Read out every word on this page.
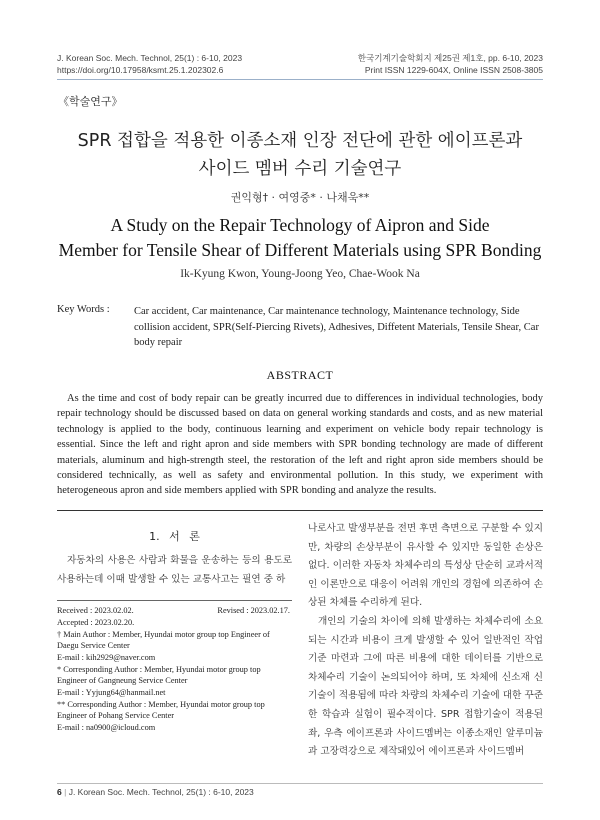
J. Korean Soc. Mech. Technol, 25(1) : 6-10, 2023
https://doi.org/10.17958/ksmt.25.1.202302.6
한국기계기술학회지 제25권 제1호, pp. 6-10, 2023
Print ISSN 1229-604X, Online ISSN 2508-3805
《학술연구》
SPR 접합을 적용한 이종소재 인장 전단에 관한 에이프론과
사이드 멤버 수리 기술연구
권익형† · 여영중* · 나채욱**
A Study on the Repair Technology of Aipron and Side
Member for Tensile Shear of Different Materials using SPR Bonding
Ik-Kyung Kwon, Young-Joong Yeo, Chae-Wook Na
Key Words : Car accident, Car maintenance, Car maintenance technology, Maintenance technology, Side collision accident, SPR(Self-Piercing Rivets), Adhesives, Diffetent Materials, Tensile Shear, Car body repair
ABSTRACT
As the time and cost of body repair can be greatly incurred due to differences in individual technologies, body repair technology should be discussed based on data on general working standards and costs, and as new material technology is applied to the body, continuous learning and experiment on vehicle body repair technology is essential. Since the left and right apron and side members with SPR bonding technology are made of different materials, aluminum and high-strength steel, the restoration of the left and right apron side members should be considered technically, as well as safety and environmental pollution. In this study, we experiment with heterogeneous apron and side members applied with SPR bonding and analyze the results.
1. 서 론
자동차의 사용은 사람과 화물을 운송하는 등의 용도로 사용하는데 이때 발생할 수 있는 교통사고는 필연 중 하
Received : 2023.02.02.	Revised : 2023.02.17.
Accepted : 2023.02.20.
† Main Author : Member, Hyundai motor group top Engineer of
Daegu Service Center
E-mail : kih2929@naver.com
* Corresponding Author : Member, Hyundai motor group top
Engineer of Gangneung Service Center
E-mail : Yyjung64@hanmail.net
** Corresponding Author : Member, Hyundai motor group top
Engineer of Pohang Service Center
E-mail : na0900@icloud.com

나로사고 발생부분을 전면 후면 측면으로 구분할 수 있지만, 차량의 손상부분이 유사할 수 있지만 동일한 손상은 없다. 이러한 자동차 차체수리의 특성상 단순히 교과서적인 이론만으로 대응이 어려워 개인의 경험에 의존하여 손상된 차체를 수리하게 된다.

개인의 기술의 차이에 의해 발생하는 차체수리에 소요되는 시간과 비용이 크게 발생할 수 있어 일반적인 작업기준 마련과 그에 따른 비용에 대한 데이터를 기반으로 차체수리 기술이 논의되어야 하며, 또 차체에 신소재 신기술이 적용됨에 따라 차량의 차체수리 기술에 대한 꾸준한 학습과 실험이 필수적이다. SPR 접합기술이 적용된 좌, 우측 에이프론과 사이드멤버는 이종소재인 알루미늄과 고장력강으로 제작돼있어 에이프론과 사이드멤버

6 | J. Korean Soc. Mech. Technol, 25(1) : 6-10, 2023
